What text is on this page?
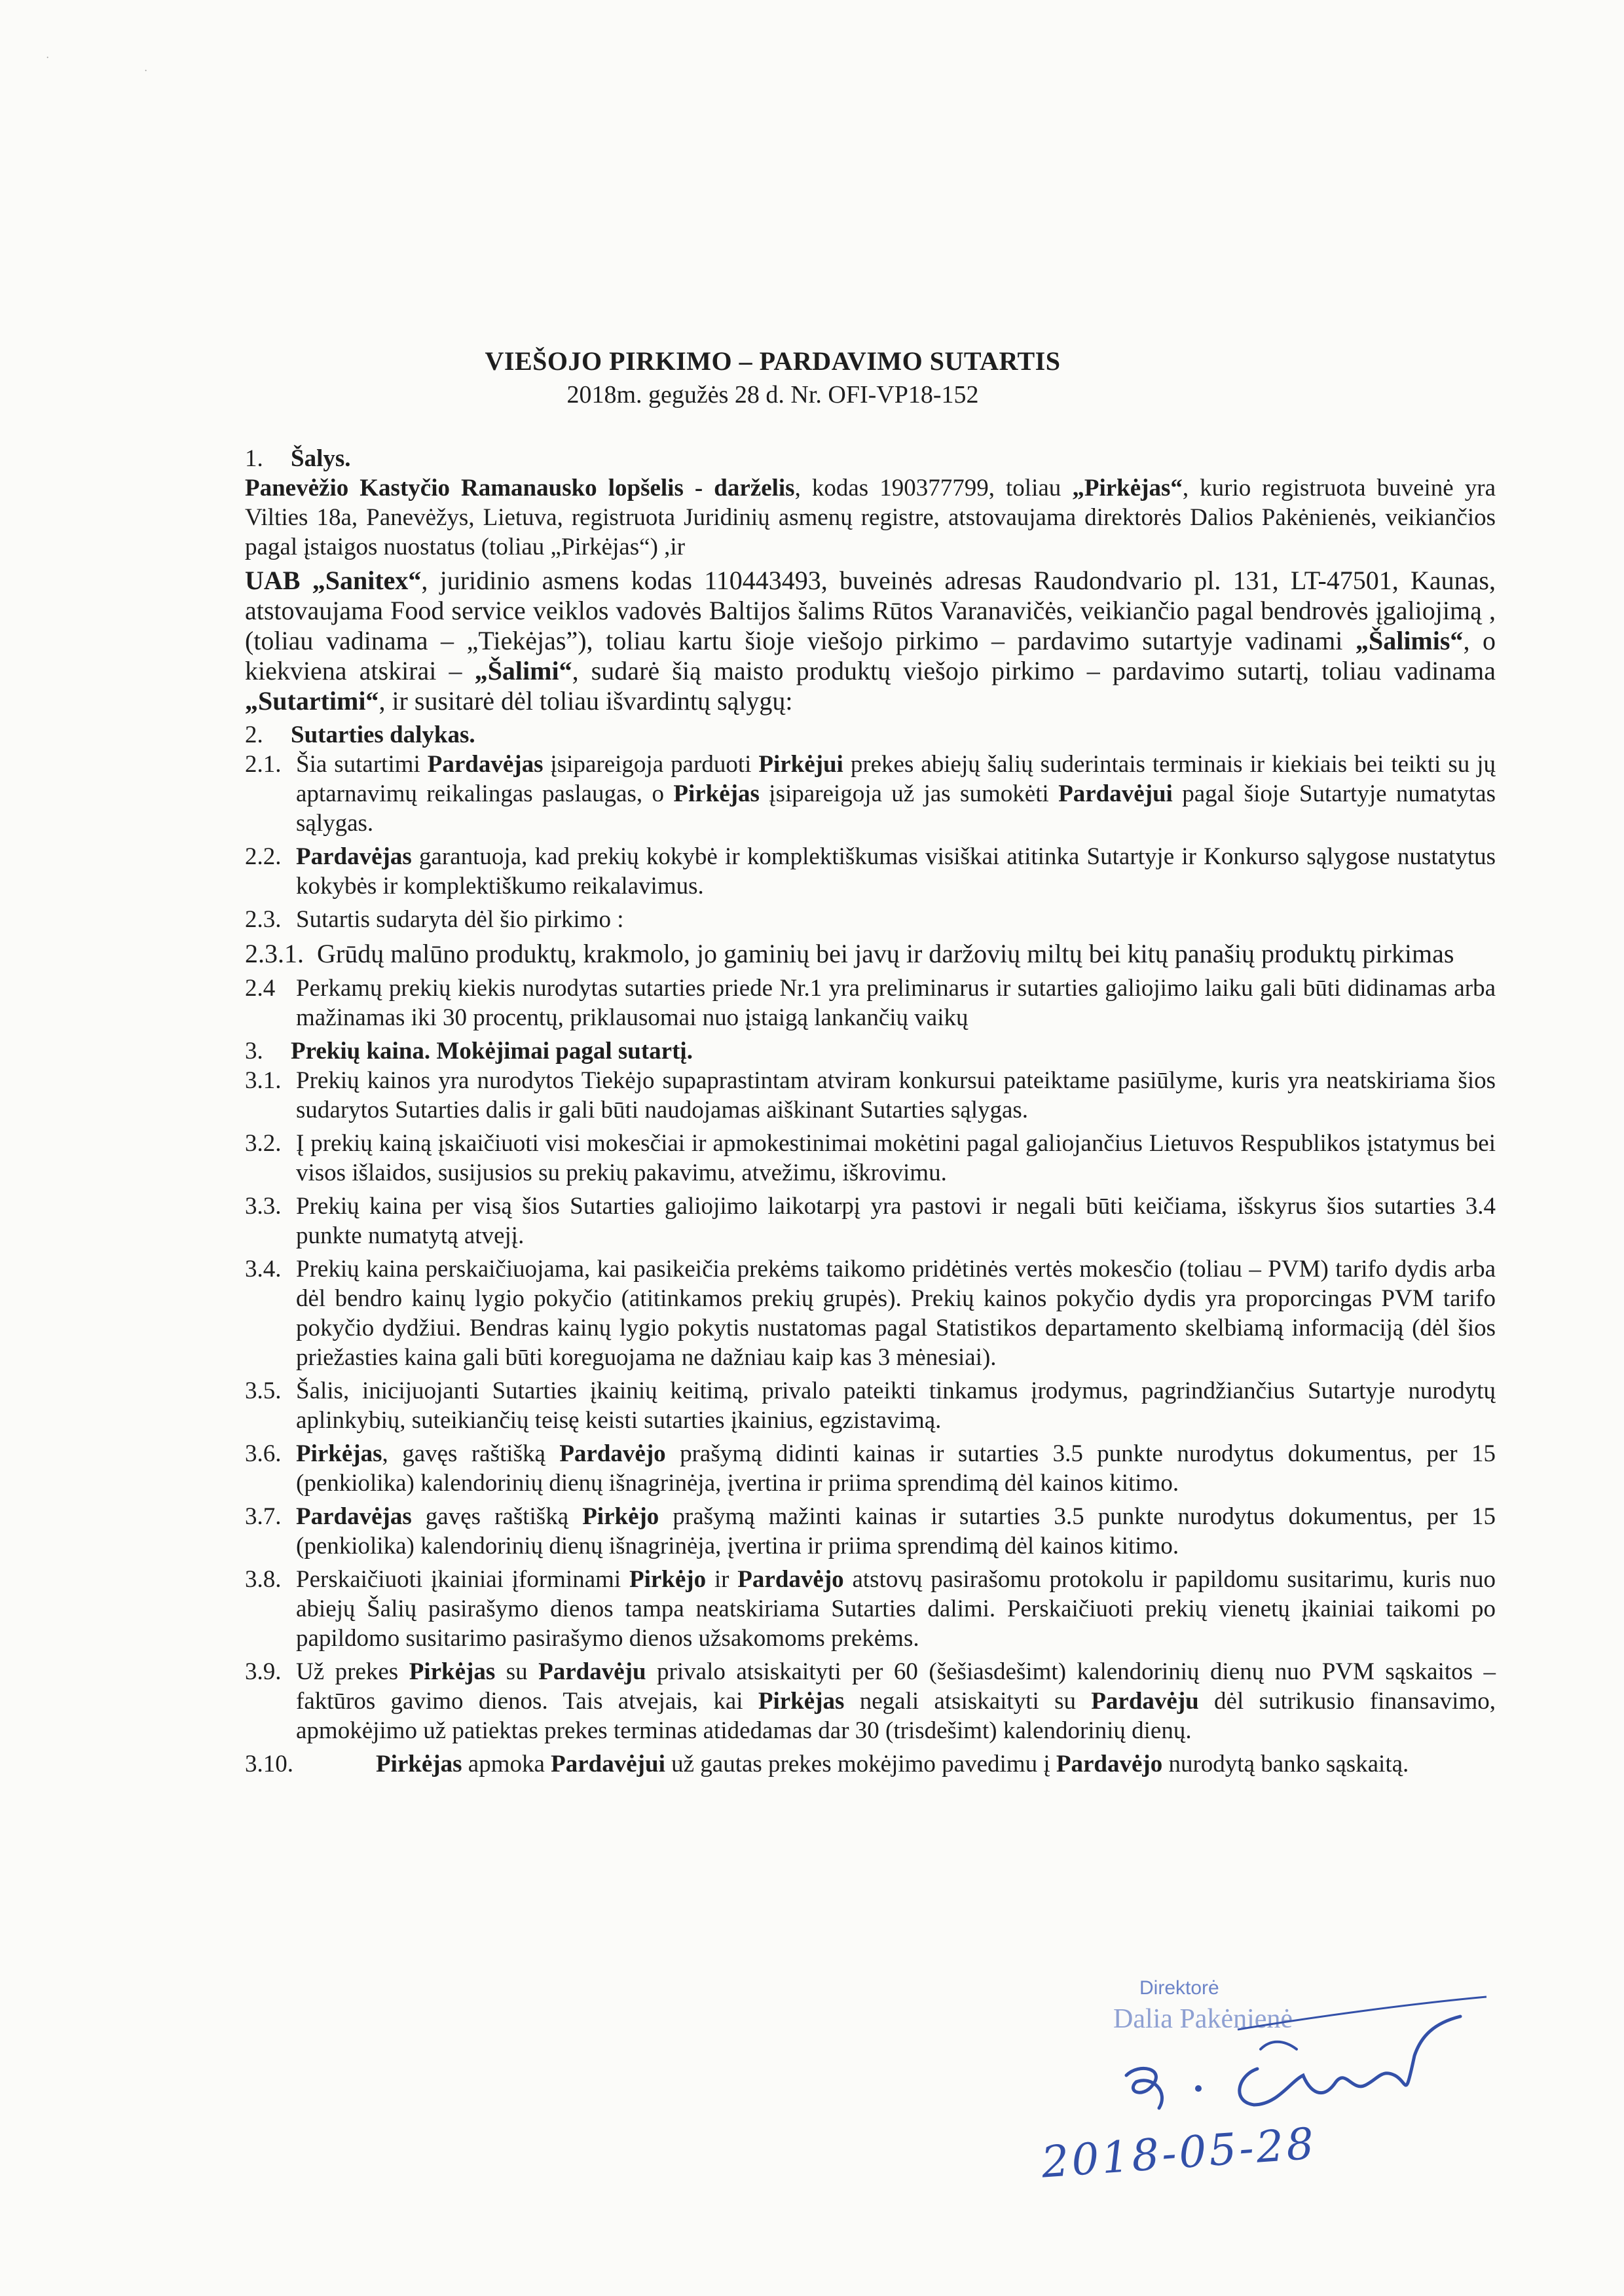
·
·
VIEŠOJO PIRKIMO – PARDAVIMO SUTARTIS
2018m. gegužės 28 d. Nr. OFI-VP18-152
1. Šalys.

Panevėžio Kastyčio Ramanausko lopšelis - darželis, kodas 190377799, toliau „Pirkėjas“, kurio registruota buveinė yra Vilties 18a, Panevėžys, Lietuva, registruota Juridinių asmenų registre, atstovaujama direktorės Dalios Pakėnienės, veikiančios pagal įstaigos nuostatus (toliau „Pirkėjas“) ,ir

UAB „Sanitex“, juridinio asmens kodas 110443493, buveinės adresas Raudondvario pl. 131, LT-47501, Kaunas, atstovaujama Food service veiklos vadovės Baltijos šalims Rūtos Varanavičės, veikiančio pagal bendrovės įgaliojimą , (toliau vadinama – „Tiekėjas”), toliau kartu šioje viešojo pirkimo – pardavimo sutartyje vadinami „Šalimis“, o kiekviena atskirai – „Šalimi“, sudarė šią maisto produktų viešojo pirkimo – pardavimo sutartį, toliau vadinama „Sutartimi“, ir susitarė dėl toliau išvardintų sąlygų:

2. Sutarties dalykas.
2.1. Šia sutartimi Pardavėjas įsipareigoja parduoti Pirkėjui prekes abiejų šalių suderintais terminais ir kiekiais bei teikti su jų aptarnavimų reikalingas paslaugas, o Pirkėjas įsipareigoja už jas sumokėti Pardavėjui pagal šioje Sutartyje numatytas sąlygas.
2.2. Pardavėjas garantuoja, kad prekių kokybė ir komplektiškumas visiškai atitinka Sutartyje ir Konkurso sąlygose nustatytus kokybės ir komplektiškumo reikalavimus.
2.3. Sutartis sudaryta dėl šio pirkimo :
2.3.1. Grūdų malūno produktų, krakmolo, jo gaminių bei javų ir daržovių miltų bei kitų panašių produktų pirkimas
2.4 Perkamų prekių kiekis nurodytas sutarties priede Nr.1 yra preliminarus ir sutarties galiojimo laiku gali būti didinamas arba mažinamas iki 30 procentų, priklausomai nuo įstaigą lankančių vaikų
3. Prekių kaina. Mokėjimai pagal sutartį.
3.1. Prekių kainos yra nurodytos Tiekėjo supaprastintam atviram konkursui pateiktame pasiūlyme, kuris yra neatskiriama šios sudarytos Sutarties dalis ir gali būti naudojamas aiškinant Sutarties sąlygas.
3.2. Į prekių kainą įskaičiuoti visi mokesčiai ir apmokestinimai mokėtini pagal galiojančius Lietuvos Respublikos įstatymus bei visos išlaidos, susijusios su prekių pakavimu, atvežimu, iškrovimu.
3.3. Prekių kaina per visą šios Sutarties galiojimo laikotarpį yra pastovi ir negali būti keičiama, išskyrus šios sutarties 3.4 punkte numatytą atvejį.
3.4. Prekių kaina perskaičiuojama, kai pasikeičia prekėms taikomo pridėtinės vertės mokesčio (toliau – PVM) tarifo dydis arba dėl bendro kainų lygio pokyčio (atitinkamos prekių grupės). Prekių kainos pokyčio dydis yra proporcingas PVM tarifo pokyčio dydžiui. Bendras kainų lygio pokytis nustatomas pagal Statistikos departamento skelbiamą informaciją (dėl šios priežasties kaina gali būti koreguojama ne dažniau kaip kas 3 mėnesiai).
3.5. Šalis, inicijuojanti Sutarties įkainių keitimą, privalo pateikti tinkamus įrodymus, pagrindžiančius Sutartyje nurodytų aplinkybių, suteikiančių teisę keisti sutarties įkainius, egzistavimą.
3.6. Pirkėjas, gavęs raštišką Pardavėjo prašymą didinti kainas ir sutarties 3.5 punkte nurodytus dokumentus, per 15 (penkiolika) kalendorinių dienų išnagrinėja, įvertina ir priima sprendimą dėl kainos kitimo.
3.7. Pardavėjas gavęs raštišką Pirkėjo prašymą mažinti kainas ir sutarties 3.5 punkte nurodytus dokumentus, per 15 (penkiolika) kalendorinių dienų išnagrinėja, įvertina ir priima sprendimą dėl kainos kitimo.
3.8. Perskaičiuoti įkainiai įforminami Pirkėjo ir Pardavėjo atstovų pasirašomu protokolu ir papildomu susitarimu, kuris nuo abiejų Šalių pasirašymo dienos tampa neatskiriama Sutarties dalimi. Perskaičiuoti prekių vienetų įkainiai taikomi po papildomo susitarimo pasirašymo dienos užsakomoms prekėms.
3.9. Už prekes Pirkėjas su Pardavėju privalo atsiskaityti per 60 (šešiasdešimt) kalendorinių dienų nuo PVM sąskaitos – faktūros gavimo dienos. Tais atvejais, kai Pirkėjas negali atsiskaityti su Pardavėju dėl sutrikusio finansavimo, apmokėjimo už patiektas prekes terminas atidedamas dar 30 (trisdešimt) kalendorinių dienų.
3.10.	Pirkėjas apmoka Pardavėjui už gautas prekes mokėjimo pavedimu į Pardavėjo nurodytą banko sąskaitą.
Direktorė
Dalia Pakėnienė
2018-05-28
